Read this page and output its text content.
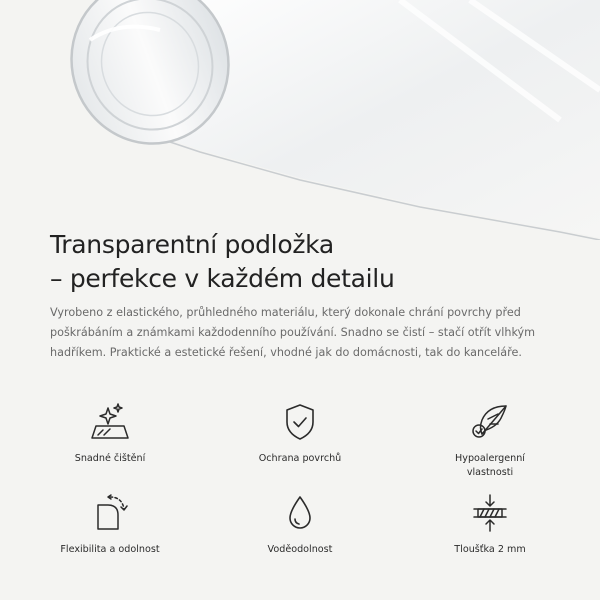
Transparentní podložka
– perfekce v každém detailu

Vyrobeno z elastického, průhledného materiálu, který dokonale chrání povrchy před
poškrábáním a známkami každodenního používání. Snadno se čistí – stačí otřít vlhkým
hadříkem. Praktické a estetické řešení, vhodné jak do domácnosti, tak do kanceláře.

Snadné čištění	Ochrana povrchů	Hypoalergenní
vlastnosti
Flexibilita a odolnost	Voděodolnost	Tloušťka 2 mm
